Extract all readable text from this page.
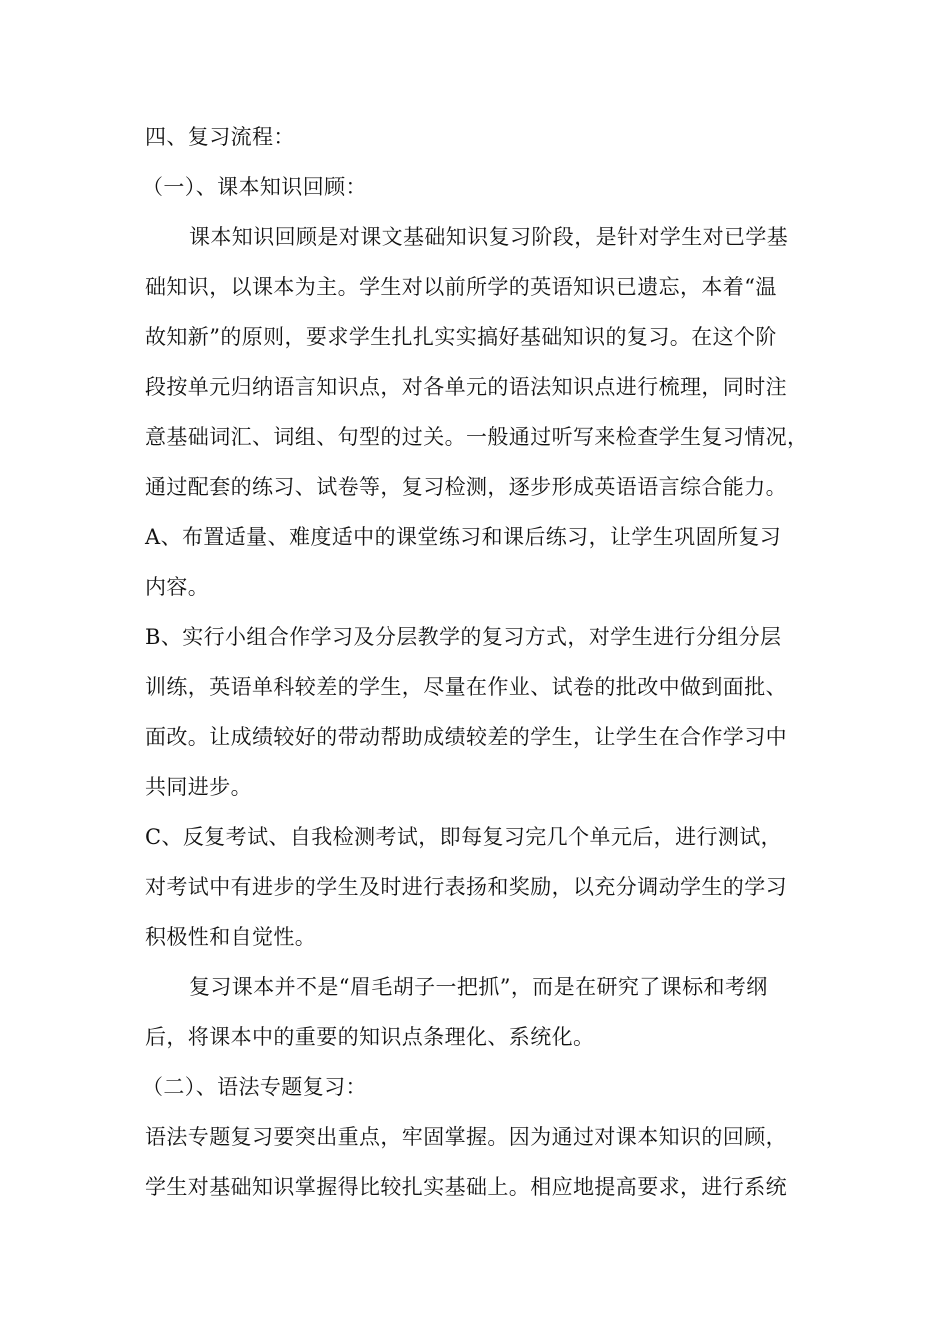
四、复习流程：
（一）、课本知识回顾：
课本知识回顾是对课文基础知识复习阶段，是针对学生对已学基
础知识，以课本为主。学生对以前所学的英语知识已遗忘，本着“温
故知新”的原则，要求学生扎扎实实搞好基础知识的复习。在这个阶
段按单元归纳语言知识点，对各单元的语法知识点进行梳理，同时注
意基础词汇、词组、句型的过关。一般通过听写来检查学生复习情况，
通过配套的练习、试卷等，复习检测，逐步形成英语语言综合能力。
A、布置适量、难度适中的课堂练习和课后练习，让学生巩固所复习
内容。
B、实行小组合作学习及分层教学的复习方式，对学生进行分组分层
训练，英语单科较差的学生，尽量在作业、试卷的批改中做到面批、
面改。让成绩较好的带动帮助成绩较差的学生，让学生在合作学习中
共同进步。
C、反复考试、自我检测考试，即每复习完几个单元后，进行测试，
对考试中有进步的学生及时进行表扬和奖励，以充分调动学生的学习
积极性和自觉性。
复习课本并不是“眉毛胡子一把抓”，而是在研究了课标和考纲
后，将课本中的重要的知识点条理化、系统化。
（二）、语法专题复习：
语法专题复习要突出重点，牢固掌握。因为通过对课本知识的回顾，
学生对基础知识掌握得比较扎实基础上。相应地提高要求，进行系统
